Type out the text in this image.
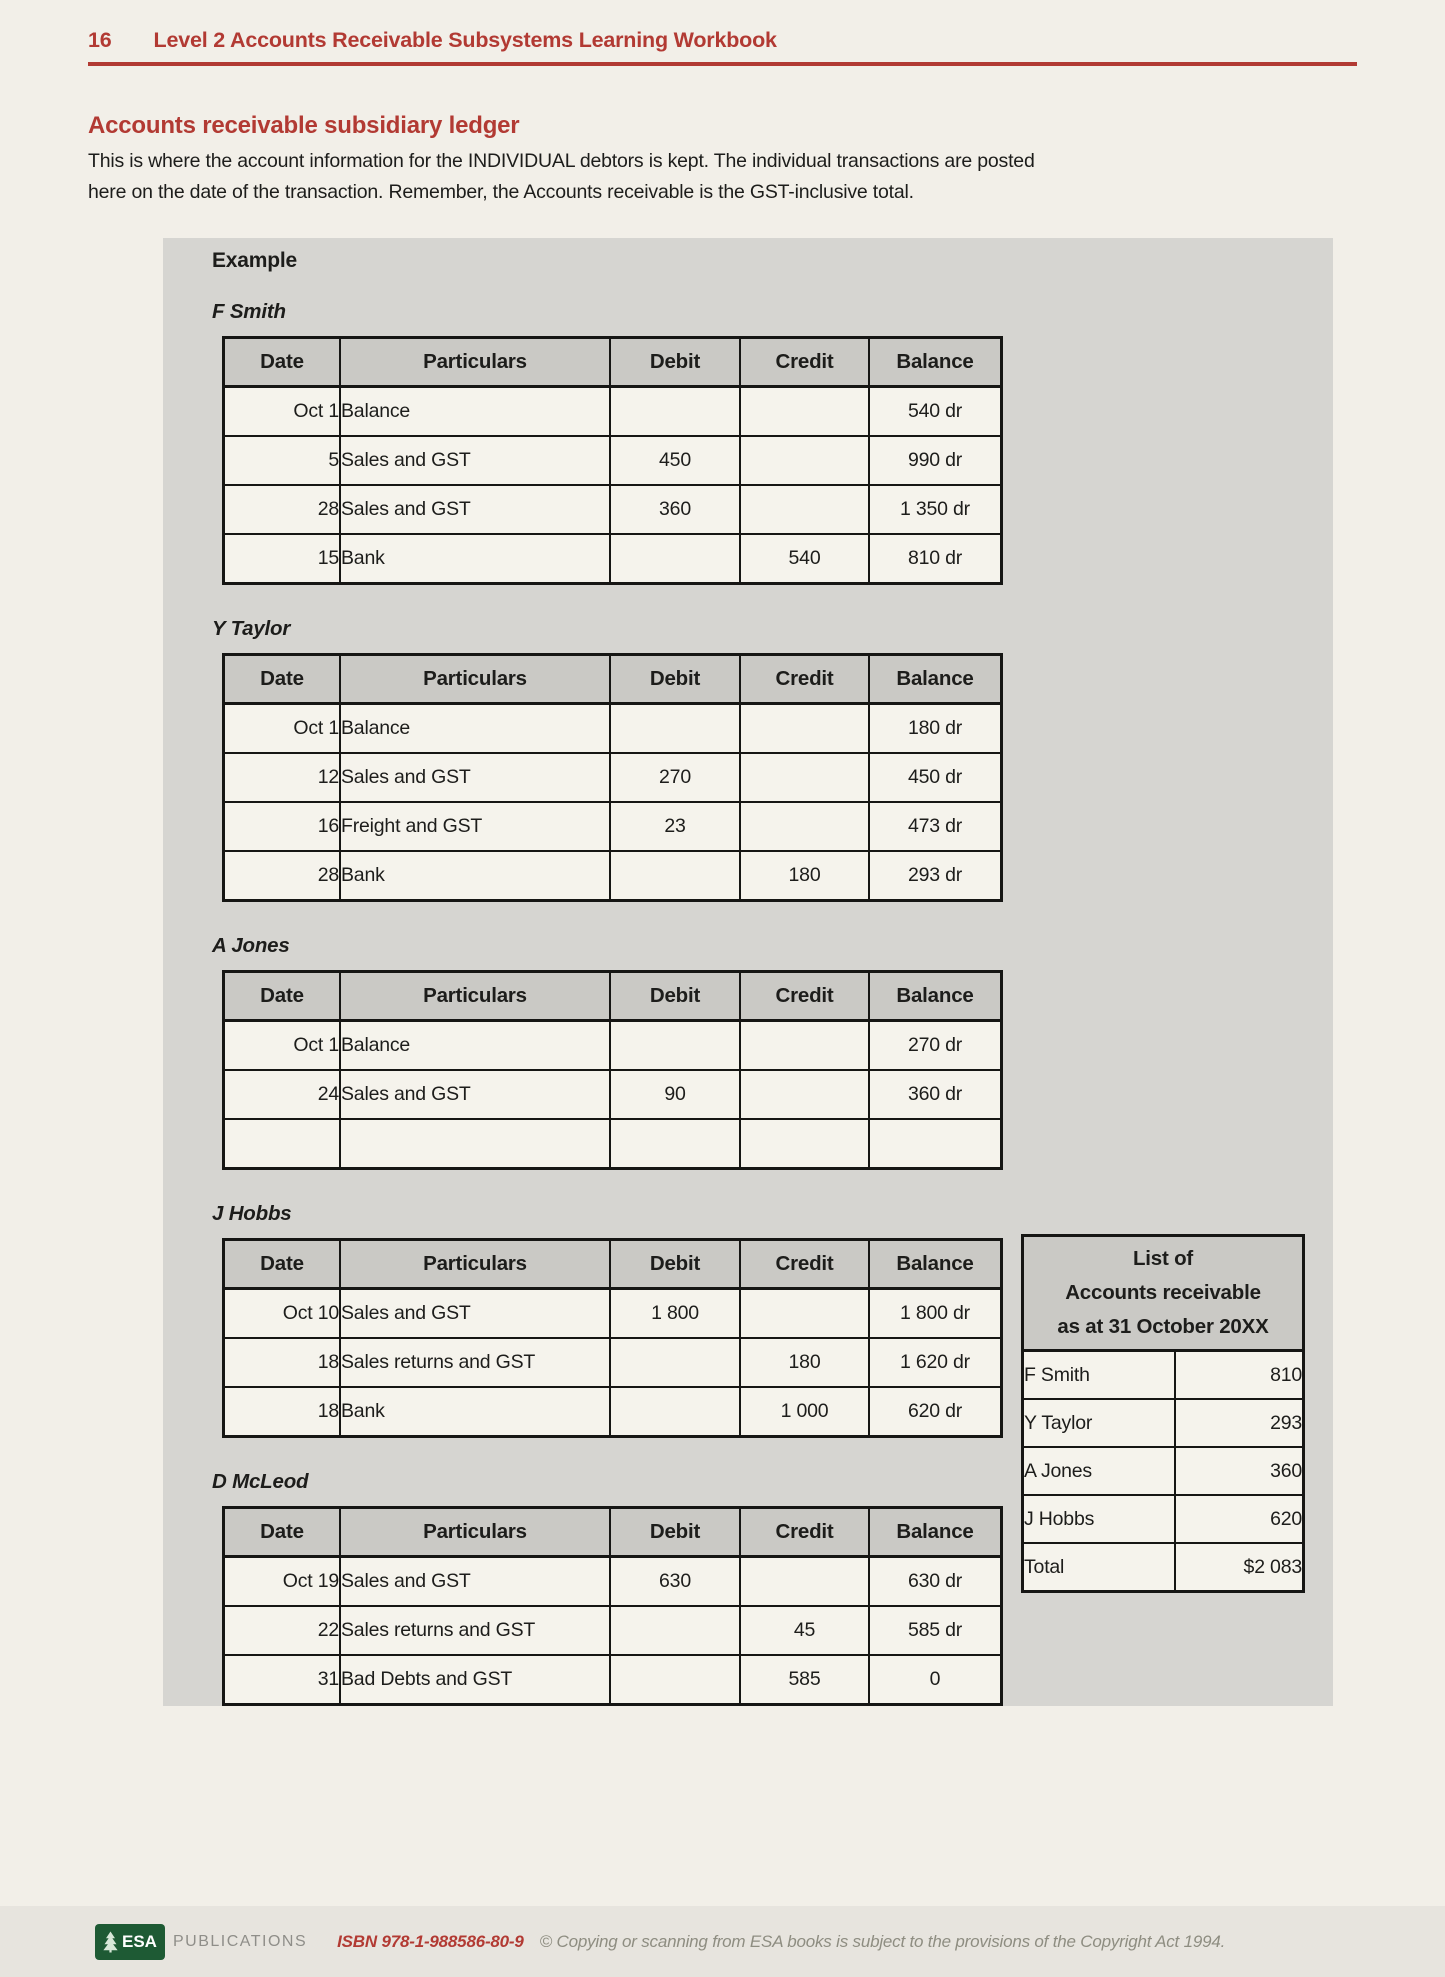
16 Level 2 Accounts Receivable Subsystems Learning Workbook
Accounts receivable subsidiary ledger
This is where the account information for the INDIVIDUAL debtors is kept. The individual transactions are posted
here on the date of the transaction. Remember, the Accounts receivable is the GST-inclusive total.
Example
F Smith
Date	Particulars	Debit	Credit	Balance
Oct 1	Balance			540 dr
5	Sales and GST	450		990 dr
28	Sales and GST	360		1 350 dr
15	Bank		540	810 dr
Y Taylor
Date	Particulars	Debit	Credit	Balance
Oct 1	Balance			180 dr
12	Sales and GST	270		450 dr
16	Freight and GST	23		473 dr
28	Bank		180	293 dr
A Jones
Date	Particulars	Debit	Credit	Balance
Oct 1	Balance			270 dr
24	Sales and GST	90		360 dr

J Hobbs
Date	Particulars	Debit	Credit	Balance
Oct 10	Sales and GST	1 800		1 800 dr
18	Sales returns and GST		180	1 620 dr
18	Bank		1 000	620 dr
D McLeod
Date	Particulars	Debit	Credit	Balance
Oct 19	Sales and GST	630		630 dr
22	Sales returns and GST		45	585 dr
31	Bad Debts and GST		585	0
List of
Accounts receivable
as at 31 October 20XX
F Smith	810
Y Taylor	293
A Jones	360
J Hobbs	620
Total	$2 083
ESA PUBLICATIONS ISBN 978-1-988586-80-9 © Copying or scanning from ESA books is subject to the provisions of the Copyright Act 1994.
